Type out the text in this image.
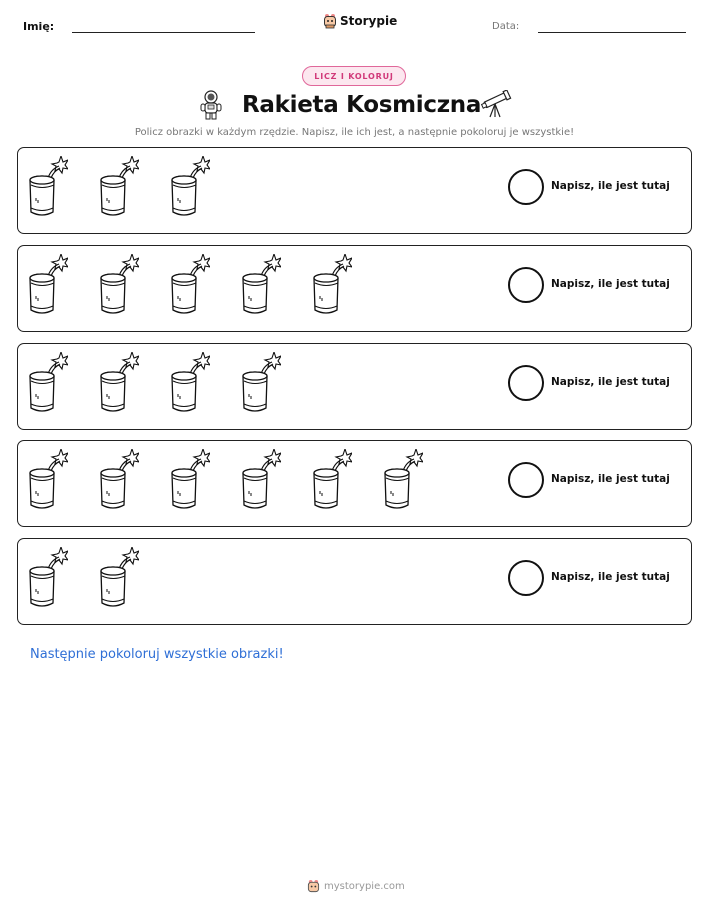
Imię:	Storypie	Data:
LICZ I KOLORUJ
Rakieta Kosmiczna
Policz obrazki w każdym rzędzie. Napisz, ile ich jest, a następnie pokoloruj je wszystkie!
Napisz, ile jest tutaj
Napisz, ile jest tutaj
Napisz, ile jest tutaj
Napisz, ile jest tutaj
Napisz, ile jest tutaj
Następnie pokoloruj wszystkie obrazki!
mystorypie.com
